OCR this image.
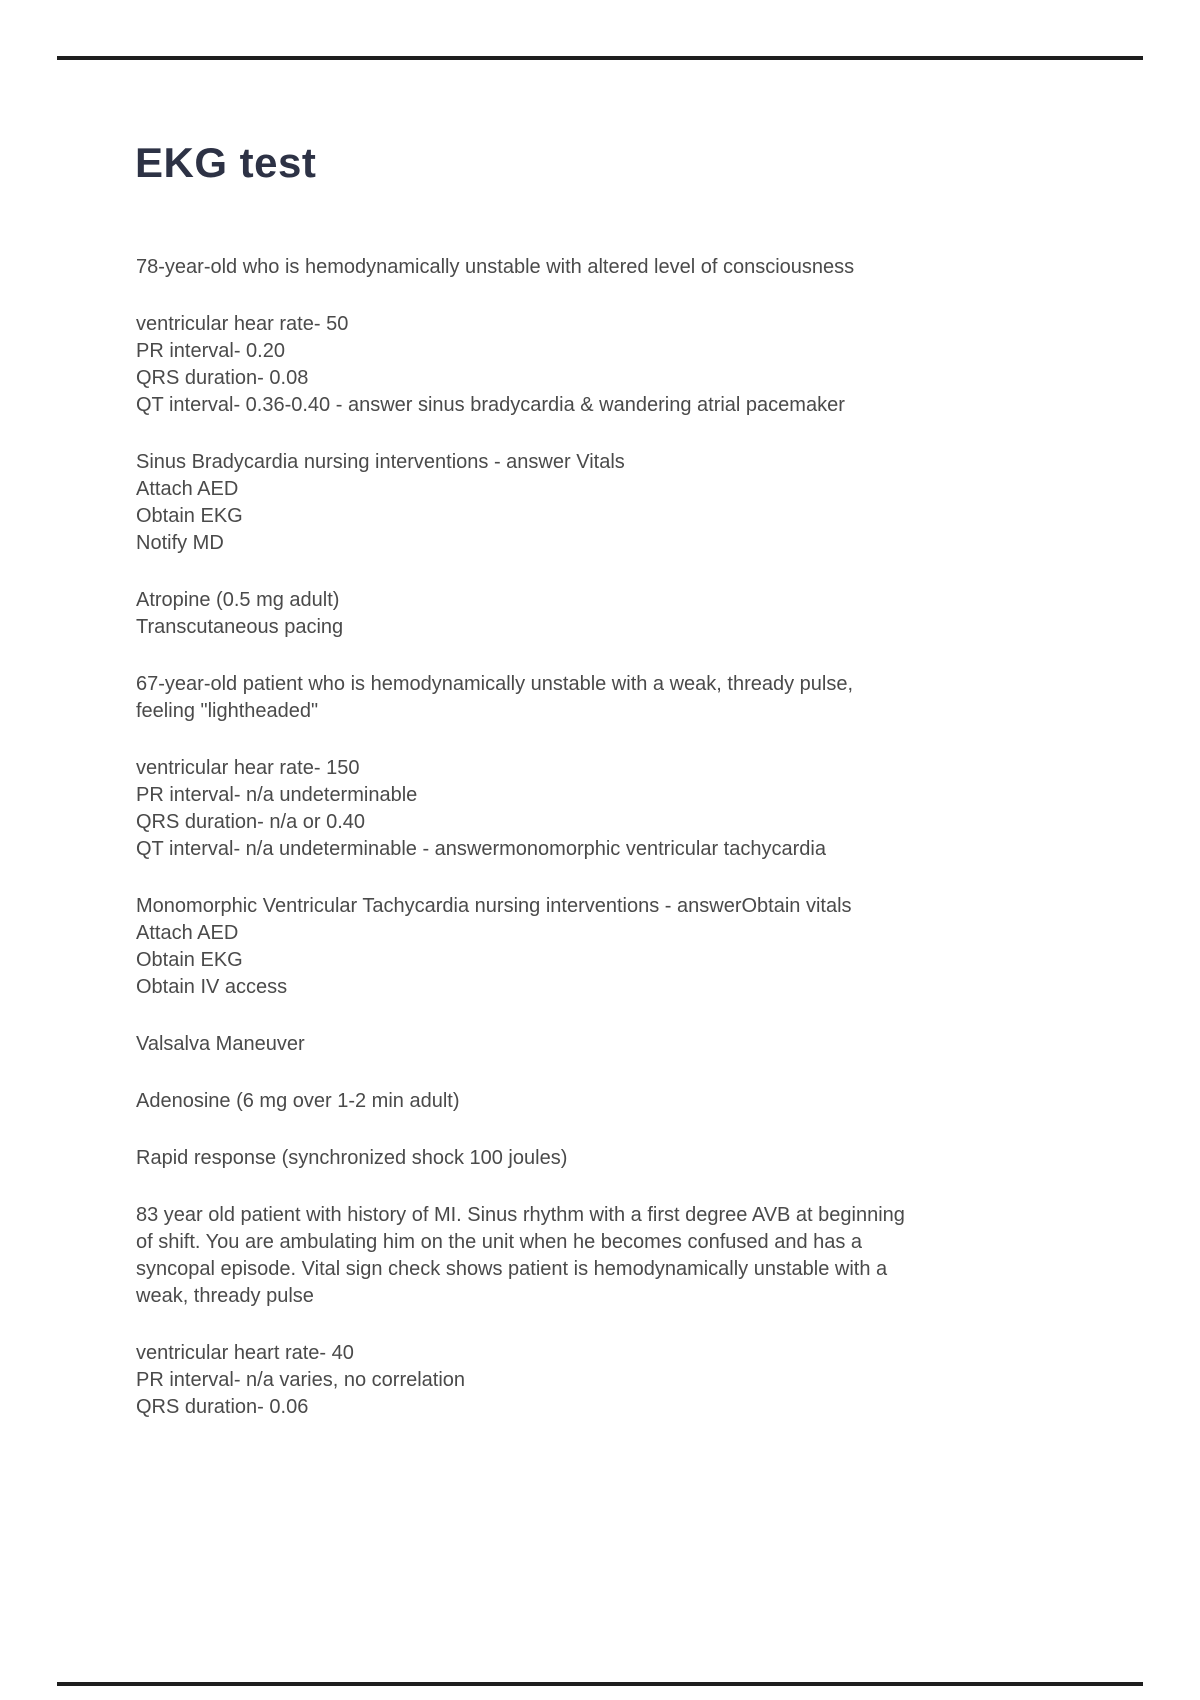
EKG test

78-year-old who is hemodynamically unstable with altered level of consciousness

ventricular hear rate- 50
PR interval- 0.20
QRS duration- 0.08
QT interval- 0.36-0.40 - answer sinus bradycardia & wandering atrial pacemaker

Sinus Bradycardia nursing interventions - answer Vitals
Attach AED
Obtain EKG
Notify MD

Atropine (0.5 mg adult)
Transcutaneous pacing

67-year-old patient who is hemodynamically unstable with a weak, thready pulse,
feeling "lightheaded"

ventricular hear rate- 150
PR interval- n/a undeterminable
QRS duration- n/a or 0.40
QT interval- n/a undeterminable - answermonomorphic ventricular tachycardia

Monomorphic Ventricular Tachycardia nursing interventions - answerObtain vitals
Attach AED
Obtain EKG
Obtain IV access

Valsalva Maneuver

Adenosine (6 mg over 1-2 min adult)

Rapid response (synchronized shock 100 joules)

83 year old patient with history of MI. Sinus rhythm with a first degree AVB at beginning
of shift. You are ambulating him on the unit when he becomes confused and has a
syncopal episode. Vital sign check shows patient is hemodynamically unstable with a
weak, thready pulse

ventricular heart rate- 40
PR interval- n/a varies, no correlation
QRS duration- 0.06
